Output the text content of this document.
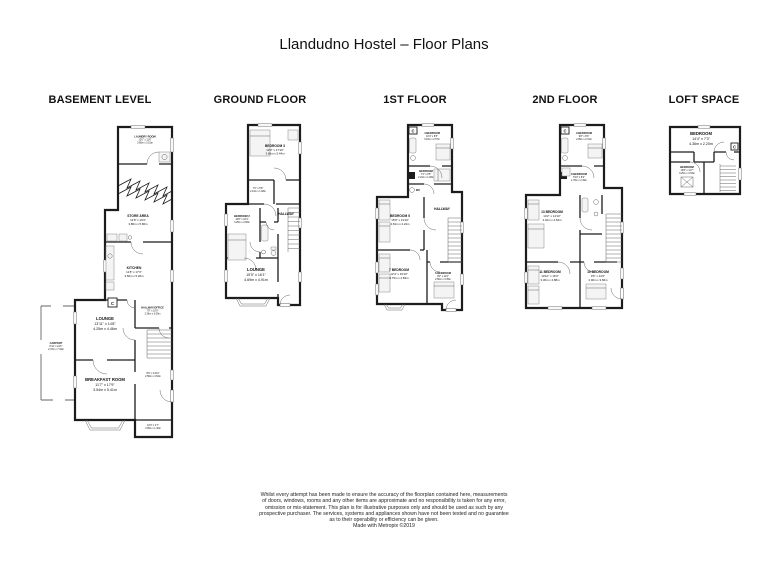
Llandudno Hostel – Floor Plans
BASEMENT LEVEL	GROUND FLOOR	1ST FLOOR	2ND FLOOR	LOFT SPACE
C
LAUNDRY ROOM
12'0" x 11'6"
3.66m x 3.51m
STORE AREA
12'8" x 19'3"
3.86m x 5.86m
KITCHEN
11'8" x 17'3"
3.56m x 5.26m
HALLWAY/OFFICE
7'9" x 10'0"
2.36m x 3.05m
LOUNGE
13'11" x 14'8"
4.25m x 4.46m
CARPORT
8'11" x 24'1"
2.72m x 7.34m
8'6" x 14'10"
2.59m x 4.52m
BREAKFAST ROOM
11'7" x 17'9"
3.54m x 5.41m
10'0" x 4'7"
3.05m x 1.40m
BEDROOM 3
12'0" x 17'10"
3.66m x 5.44m
7'0" x 5'6"
2.13m x 1.68m
BEDROOM 2
10'8" x 16'1"
3.25m x 4.90m
HALLWAY
LOUNGE
15'5" x 16'1"
4.69m x 4.91m
C	4 BEDROOM
10'4" x 8'5"
3.15m x 2.57m
BEDROOM
7'4" x 6'5"
2.24m x 1.96m
WC
BEDROOM 5
15'9" x 13'10"
4.81m x 4.22m
HALLWAY
7 BEDROOM
12'4" x 15'10"
3.76m x 4.83m
6 BEDROOM
8'2" x 11'0"
2.50m x 3.35m
C	9 BEDROOM
9'8" x 8'3"
2.95m x 2.51m
8 BEDROOM
5'10" x 8'2"
1.78m x 2.49m
13 BEDROOM
14'2" x 14'10"
4.32m x 4.52m
11 BEDROOM
10'10" x 16'0"
3.30m x 4.88m
10 BEDROOM
9'6" x 12'0"
2.90m x 3.66m
C
BEDROOM
14'4" x 7'3"
4.36m x 2.20m
BEDROOM
10'8" x 11'7"
3.25m x 3.53m
Whilst every attempt has been made to ensure the accuracy of the floorplan contained here, measurements
of doors, windows, rooms and any other items are approximate and no responsibility is taken for any error,
omission or mis-statement. This plan is for illustrative purposes only and should be used as such by any
prospective purchaser. The services, systems and appliances shown have not been tested and no guarantee
as to their operability or efficiency can be given.
Made with Metropix ©2019
